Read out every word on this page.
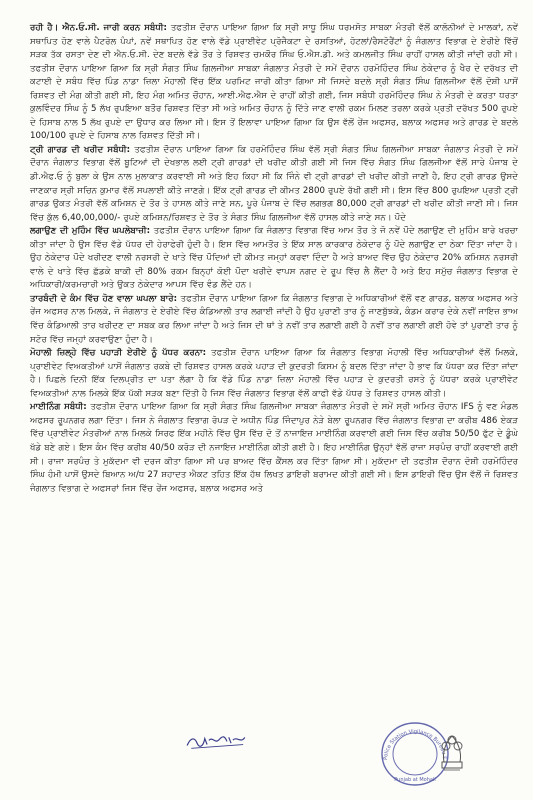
ਰਹੀ ਹੈ। ਐਨ.ਓ.ਸੀ. ਜਾਰੀ ਕਰਨ ਸਬੰਧੀ: ਤਫਤੀਸ਼ ਦੌਰਾਨ ਪਾਇਆ ਗਿਆ ਕਿ ਸ੍ਰੀ ਸਾਧੂ ਸਿੰਘ ਧਰਮਸੋਤ ਸਾਬਕਾ ਮੰਤਰੀ ਵੱਲੋਂ ਕਾਲੋਨੀਆਂ ਦੇ ਮਾਲਕਾਂ, ਨਵੇਂ ਸਥਾਪਿਤ ਹੋਣ ਵਾਲੇ ਪੈਟਰੋਲ ਪੰਪਾਂ, ਨਵੇਂ ਸਥਾਪਿਤ ਹੋਣ ਵਾਲੇ ਵੱਡੇ ਪ੍ਰਾਈਵੇਟ ਪ੍ਰੋਜੈਕਟਾ ਦੇ ਰਸਤਿਆਂ, ਹੋਟਲਾਂ/ਰੈਸਟੋਰੈਂਟਾਂ ਨੂੰ ਜੰਗਲਾਤ ਵਿਭਾਗ ਦੇ ਏਰੀਏ ਵਿੱਚੋਂ ਸੜਕ ਤੱਕ ਰਸਤਾ ਦੇਣ ਦੀ ਐਨ.ਓ.ਸੀ. ਦੇਣ ਬਦਲੇ ਵੱਡੇ ਤੌਰ ਤੇ ਰਿਸ਼ਵਤ ਚਮਕੌਰ ਸਿੰਘ ਓ.ਐਸ.ਡੀ. ਅਤੇ ਕਮਲਜੀਤ ਸਿੰਘ ਰਾਹੀਂ ਹਾਸਲ ਕੀਤੀ ਜਾਂਦੀ ਰਹੀ ਸੀ। ਤਫਤੀਸ਼ ਦੌਰਾਨ ਪਾਇਆ ਗਿਆ ਕਿ ਸ੍ਰੀ ਸੰਗਤ ਸਿੰਘ ਗਿਲਜੀਆ ਸਾਬਕਾ ਜੰਗਲਾਤ ਮੰਤਰੀ ਦੇ ਸਮੇਂ ਦੌਰਾਨ ਹਰਮੋਹਿੰਦਰ ਸਿੰਘ ਠੇਕੇਦਾਰ ਨੂੰ ਖੈਰ ਦੇ ਦਰੱਖਤ ਦੀ ਕਟਾਈ ਦੇ ਸਬੰਧ ਵਿੱਚ ਪਿੰਡ ਨਾਡਾ ਜ਼ਿਲਾ ਮੋਹਾਲੀ ਵਿੱਚ ਇੱਕ ਪਰਮਿਟ ਜਾਰੀ ਕੀਤਾ ਗਿਆ ਸੀ ਜਿਸਦੇ ਬਦਲੇ ਸ੍ਰੀ ਸੰਗਤ ਸਿੰਘ ਗਿਲਜੀਆ ਵੱਲੋਂ ਦੋਸ਼ੀ ਪਾਸੋਂ ਰਿਸ਼ਵਤ ਦੀ ਮੰਗ ਕੀਤੀ ਗਈ ਸੀ, ਇਹ ਮੰਗ ਅਮਿਤ ਚੌਹਾਨ, ਆਈ.ਐਫ.ਐਸ ਦੇ ਰਾਹੀਂ ਕੀਤੀ ਗਈ, ਜਿਸ ਸਬੰਧੀ ਹਰਮੋਹਿੰਦਰ ਸਿੰਘ ਨੇ ਮੰਤਰੀ ਦੇ ਕਰਤਾ ਧਰਤਾ ਕੁਲਵਿੰਦਰ ਸਿੰਘ ਨੂੰ 5 ਲੱਖ ਰੁਪਇਆ ਬਤੌਰ ਰਿਸ਼ਵਤ ਦਿੱਤਾ ਸੀ ਅਤੇ ਅਮਿਤ ਚੌਹਾਨ ਨੂੰ ਦਿੱਤੇ ਜਾਣ ਵਾਲੀ ਰਕਮ ਮਿਲਣ ਤਰਲਾ ਕਰਕੇ ਪ੍ਰਤੀ ਦਰੱਖਤ 500 ਰੁਪਏ ਦੇ ਹਿਸਾਬ ਨਾਲ 5 ਲੱਖ ਰੁਪਏ ਦਾ ਉਧਾਰ ਕਰ ਲਿਆ ਸੀ। ਇਸ ਤੋਂ ਇਲਾਵਾ ਪਾਇਆ ਗਿਆ ਕਿ ਉਸ ਵੱਲੋਂ ਰੇਂਜ ਅਫਸਰ, ਬਲਾਕ ਅਫਸਰ ਅਤੇ ਗਾਰਡ ਦੇ ਬਦਲੇ 100/100 ਰੁਪਏ ਦੇ ਹਿਸਾਬ ਨਾਲ ਰਿਸ਼ਵਤ ਦਿੱਤੀ ਸੀ।

ਟ੍ਰੀ ਗਾਰਡ ਦੀ ਖਰੀਦ ਸਬੰਧੀ: ਤਫਤੀਸ਼ ਦੌਰਾਨ ਪਾਇਆ ਗਿਆ ਕਿ ਹਰਮੋਹਿੰਦਰ ਸਿੰਘ ਵੱਲੋਂ ਸ੍ਰੀ ਸੰਗਤ ਸਿੰਘ ਗਿਲਜੀਆ ਸਾਬਕਾ ਜੰਗਲਾਤ ਮੰਤਰੀ ਦੇ ਸਮੇਂ ਦੌਰਾਨ ਜੰਗਲਾਤ ਵਿਭਾਗ ਵੱਲੋਂ ਬੂਟਿਆਂ ਦੀ ਦੇਖਭਾਲ ਲਈ ਟ੍ਰੀ ਗਾਰਡਾਂ ਦੀ ਖਰੀਦ ਕੀਤੀ ਗਈ ਸੀ ਜਿਸ ਵਿੱਚ ਸੰਗਤ ਸਿੰਘ ਗਿਲਜੀਆ ਵੱਲੋਂ ਸਾਰੇ ਪੰਜਾਬ ਦੇ ਡੀ.ਐਫ.ਓ ਨੂੰ ਬੁਲਾ ਕੇ ਉਸ ਨਾਲ ਮੁਲਾਕਾਤ ਕਰਵਾਈ ਸੀ ਅਤੇ ਇਹ ਕਿਹਾ ਸੀ ਕਿ ਜਿੰਨੇ ਵੀ ਟ੍ਰੀ ਗਾਰਡਾਂ ਦੀ ਖਰੀਦ ਕੀਤੀ ਜਾਣੀ ਹੈ, ਇਹ ਟ੍ਰੀ ਗਾਰਡ ਉਸਦੇ ਜਾਣਕਾਰ ਸ੍ਰੀ ਸਚਿਨ ਕੁਮਾਰ ਵੱਲੋਂ ਸਪਲਾਈ ਕੀਤੇ ਜਾਣਗੇ। ਇੱਕ ਟ੍ਰੀ ਗਾਰਡ ਦੀ ਕੀਮਤ 2800 ਰੁਪਏ ਰੱਖੀ ਗਈ ਸੀ। ਇਸ ਵਿੱਚ 800 ਰੁਪਇਆ ਪ੍ਰਤੀ ਟ੍ਰੀ ਗਾਰਡ ਉਕਤ ਮੰਤਰੀ ਵੱਲੋਂ ਕਮਿਸ਼ਨ ਦੇ ਤੌਰ ਤੇ ਹਾਸਲ ਕੀਤੇ ਜਾਣੇ ਸਨ, ਪੂਰੇ ਪੰਜਾਬ ਦੇ ਵਿੱਚ ਲਗਭਗ 80,000 ਟ੍ਰੀ ਗਾਰਡਾਂ ਦੀ ਖਰੀਦ ਕੀਤੀ ਜਾਣੀ ਸੀ। ਜਿਸ ਵਿੱਚ ਕੁੱਲ 6,40,00,000/- ਰੁਪਏ ਕਮਿਸ਼ਨ/ਰਿਸ਼ਵਤ ਦੇ ਤੌਰ ਤੇ ਸੰਗਤ ਸਿੰਘ ਗਿਲਜੀਆ ਵੱਲੋਂ ਹਾਸਲ ਕੀਤੇ ਜਾਣੇ ਸਨ। ਪੌਦੇ

ਲਗਾਉਣ ਦੀ ਮੁਹਿੰਮ ਵਿੱਚ ਘਪਲੇਬਾਜ਼ੀ: ਤਫਤੀਸ਼ ਦੌਰਾਨ ਪਾਇਆ ਗਿਆ ਕਿ ਜੰਗਲਾਤ ਵਿਭਾਗ ਵਿੱਚ ਆਮ ਤੌਰ ਤੇ ਜੋ ਨਵੇਂ ਪੌਦੇ ਲਗਾਉਣ ਦੀ ਮੁਹਿੰਮ ਬਾਰੇ ਖਰਚਾ ਕੀਤਾ ਜਾਂਦਾ ਹੈ ਉਸ ਵਿੱਚ ਵੱਡੇ ਪੱਧਰ ਦੀ ਹੇਰਾਫੇਰੀ ਹੁੰਦੀ ਹੈ। ਇਸ ਵਿੱਚ ਆਮਤੌਰ ਤੇ ਇੱਕ ਸਾਲ ਕਾਰਕਾਰ ਠੇਕੇਦਾਰ ਨੂੰ ਪੌਦੇ ਲਗਾਉਣ ਦਾ ਠੇਕਾ ਦਿੱਤਾ ਜਾਂਦਾ ਹੈ। ਉਹ ਠੇਕੇਦਾਰ ਪੌਦੇ ਖਰੀਦਣ ਵਾਲੀ ਨਰਸਰੀ ਦੇ ਖਾਤੇ ਵਿੱਚ ਪੌਦਿਆਂ ਦੀ ਕੀਮਤ ਜਮ੍ਹਾਂ ਕਰਵਾ ਦਿੰਦਾ ਹੈ ਅਤੇ ਬਾਅਦ ਵਿੱਚ ਉਹ ਠੇਕੇਦਾਰ 20% ਕਮਿਸ਼ਨ ਨਰਸਰੀ ਵਾਲੇ ਦੇ ਖਾਤੇ ਵਿੱਚ ਛੱਡਕੇ ਬਾਕੀ ਦੀ 80% ਰਕਮ ਬਿਨ੍ਹਾਂ ਕੋਈ ਪੌਦਾ ਖਰੀਦੇ ਵਾਪਸ ਨਗਦ ਦੇ ਰੂਪ ਵਿੱਚ ਲੈ ਲੈਂਦਾ ਹੈ ਅਤੇ ਇਹ ਸਮੁੱਚ ਜੰਗਲਾਤ ਵਿਭਾਗ ਦੇ ਅਧਿਕਾਰੀ/ਕਰਮਚਾਰੀ ਅਤੇ ਉਕਤ ਠੇਕੇਦਾਰ ਆਪਸ ਵਿੱਚ ਵੰਡ ਲੈਂਦੇ ਹਨ।

ਤਾਰਬੰਦੀ ਦੇ ਕੰਮ ਵਿੱਚ ਹੋਣ ਵਾਲਾ ਘਪਲਾ ਬਾਰੇ: ਤਫਤੀਸ਼ ਦੌਰਾਨ ਪਾਇਆ ਗਿਆ ਕਿ ਜੰਗਲਾਤ ਵਿਭਾਗ ਦੇ ਅਧਿਕਾਰੀਆਂ ਵੱਲੋਂ ਵਣ ਗਾਰਡ, ਬਲਾਕ ਅਫਸਰ ਅਤੇ ਰੇਂਜ ਅਫਸਰ ਨਾਲ ਮਿਲਕੇ, ਜੋ ਜੰਗਲਾਤ ਦੇ ਏਰੀਏ ਵਿੱਚ ਕੰਡਿਆਲੀ ਤਾਰ ਲਗਾਈ ਜਾਂਦੀ ਹੈ ਉਹ ਪੁਰਾਣੀ ਤਾਰ ਨੂੰ ਜਾਣਬੁੱਝਕੇ, ਕੰਡਮ ਕਰਾਰ ਦੇਕੇ ਨਵੀਂ ਜਾਇਜ਼ ਭਾਅ ਵਿੱਚ ਕੰਡਿਆਲੀ ਤਾਰ ਖਰੀਦਣ ਦਾ ਸਬਕ ਕਰ ਲਿਆ ਜਾਂਦਾ ਹੈ ਅਤੇ ਜਿਸ ਦੀ ਥਾਂ ਤੇ ਨਵੀਂ ਤਾਰ ਲਗਾਈ ਗਈ ਹੈ ਨਵੀਂ ਤਾਰ ਲਗਾਈ ਗਈ ਹੋਵੇ ਤਾਂ ਪੁਰਾਣੀ ਤਾਰ ਨੂੰ ਸਟੋਰ ਵਿੱਚ ਜਮ੍ਹਾਂ ਕਰਵਾਉਣਾ ਹੁੰਦਾ ਹੈ।

ਮੋਹਾਲੀ ਜ਼ਿਲ੍ਹੇ ਵਿੱਚ ਪਹਾੜੀ ਏਰੀਏ ਨੂੰ ਪੱਧਰ ਕਰਨਾ: ਤਫਤੀਸ਼ ਦੌਰਾਨ ਪਾਇਆ ਗਿਆ ਕਿ ਜੰਗਲਾਤ ਵਿਭਾਗ ਮੋਹਾਲੀ ਵਿੱਚ ਅਧਿਕਾਰੀਆਂ ਵੱਲੋਂ ਮਿਲਕੇ, ਪ੍ਰਾਈਵੇਟ ਵਿਅਕਤੀਆਂ ਪਾਸੋਂ ਜੰਗਲਾਤ ਰਕਬੇ ਦੀ ਰਿਸ਼ਵਤ ਹਾਸਲ ਕਰਕੇ ਪਹਾੜ ਦੀ ਕੁਦਰਤੀ ਕਿਸਮ ਨੂੰ ਬਦਲ ਦਿੱਤਾ ਜਾਂਦਾ ਹੈ ਭਾਵ ਕਿ ਪੱਧਰਾ ਕਰ ਦਿੱਤਾ ਜਾਂਦਾ ਹੈ। ਪਿਛਲੇ ਦਿਨੀ ਇੱਕ ਦਿਲਪ੍ਰੀਤ ਦਾ ਪਤਾ ਲੱਗਾ ਹੈ ਕਿ ਵੱਡੇ ਪਿੰਡ ਨਾਡਾ ਜ਼ਿਲਾ ਮੋਹਾਲੀ ਵਿੱਚ ਪਹਾੜ ਦੇ ਕੁਦਰਤੀ ਰਸਤੇ ਨੂੰ ਪੱਧਰਾ ਕਰਕੇ ਪ੍ਰਾਈਵੇਟ ਵਿਅਕਤੀਆਂ ਨਾਲ ਮਿਲਕੇ ਇੱਕ ਪੱਕੀ ਸੜਕ ਬਣਾ ਦਿੱਤੀ ਹੈ ਜਿਸ ਵਿੱਚ ਜੰਗਲਾਤ ਵਿਭਾਗ ਵੱਲੋਂ ਕਾਫੀ ਵੱਡੇ ਪੱਧਰ ਤੇ ਰਿਸ਼ਵਤ ਹਾਸਲ ਕੀਤੀ।

ਮਾਈਨਿੰਗ ਸਬੰਧੀ: ਤਫਤੀਸ਼ ਦੌਰਾਨ ਪਾਇਆ ਗਿਆ ਕਿ ਸ੍ਰੀ ਸੰਗਤ ਸਿੰਘ ਗਿਲਜੀਆ ਸਾਬਕਾ ਜੰਗਲਾਤ ਮੰਤਰੀ ਦੇ ਸਮੇਂ ਸ੍ਰੀ ਅਮਿਤ ਚੌਹਾਨ IFS ਨੂੰ ਵਣ ਮੰਡਲ ਅਫਸਰ ਰੂਪਨਗਰ ਲਗਾ ਦਿੱਤਾ। ਜਿਸ ਨੇ ਜੰਗਲਾਤ ਵਿਭਾਗ ਰੋਪੜ ਦੇ ਅਧੀਨ ਪਿੰਡ ਜਿੰਦਾਪੁਰ ਨੇੜੇ ਬੇਲਾ ਰੂਪਨਗਰ ਵਿੱਚ ਜੰਗਲਾਤ ਵਿਭਾਗ ਦਾ ਕਰੀਬ 486 ਏਕੜ ਵਿੱਚ ਪ੍ਰਾਈਵੇਟ ਮੰਤਰੀਆਂ ਨਾਲ ਮਿਲਕੇ ਸਿਰਫ ਇੱਕ ਮਹੀਨੇ ਵਿੱਚ ਉਸ ਵਿੱਚ ਦੋ ਤੋਂ ਨਾਜਾਇਜ਼ ਮਾਈਨਿੰਗ ਕਰਵਾਈ ਗਈ ਜਿਸ ਵਿੱਚ ਕਰੀਬ 50/50 ਫੁੱਟ ਦੇ ਡੂੰਘੇ ਖੱਡੇ ਬਣੇ ਗਏ। ਇਸ ਕੰਮ ਵਿੱਚ ਕਰੀਬ 40/50 ਕਰੋੜ ਦੀ ਨਜਾਇਜ਼ ਮਾਈਨਿੰਗ ਕੀਤੀ ਗਈ ਹੈ। ਇਹ ਮਾਈਨਿੰਗ ਉਨ੍ਹਾਂ ਵੱਲੋਂ ਰਾਜਾ ਸਰਪੰਚ ਰਾਹੀਂ ਕਰਵਾਈ ਗਈ ਸੀ। ਰਾਜਾ ਸਰਪੰਚ ਤੇ ਮੁਕੱਦਮਾ ਵੀ ਦਰਜ ਕੀਤਾ ਗਿਆ ਸੀ ਪਰ ਬਾਅਦ ਵਿੱਚ ਕੈਂਸਲ ਕਰ ਦਿੱਤਾ ਗਿਆ ਸੀ। ਮੁਕੱਦਮਾ ਦੀ ਤਫਤੀਸ਼ ਦੌਰਾਨ ਦੋਸ਼ੀ ਹਰਮੋਹਿੰਦਰ ਸਿੰਘ ਹੰਮੀ ਪਾਸੋਂ ਉਸਦੇ ਬਿਆਨ ਅ/ਧ 27 ਸ਼ਹਾਦਤ ਐਕਟ ਤਹਿਤ ਇੱਕ ਹੱਥ ਲਿਖਤ ਡਾਇਰੀ ਬਰਾਮਦ ਕੀਤੀ ਗਈ ਸੀ। ਇਸ ਡਾਇਰੀ ਵਿੱਚ ਉਸ ਵੱਲੋਂ ਜੋ ਰਿਸ਼ਵਤ ਜੰਗਲਾਤ ਵਿਭਾਗ ਦੇ ਅਫਸਰਾਂ ਜਿਸ ਵਿੱਚ ਰੇਂਜ ਅਫਸਰ, ਬਲਾਕ ਅਫਸਰ ਅਤੇ

Police Station Vigilance Bureau F
Punjab at Mohali
